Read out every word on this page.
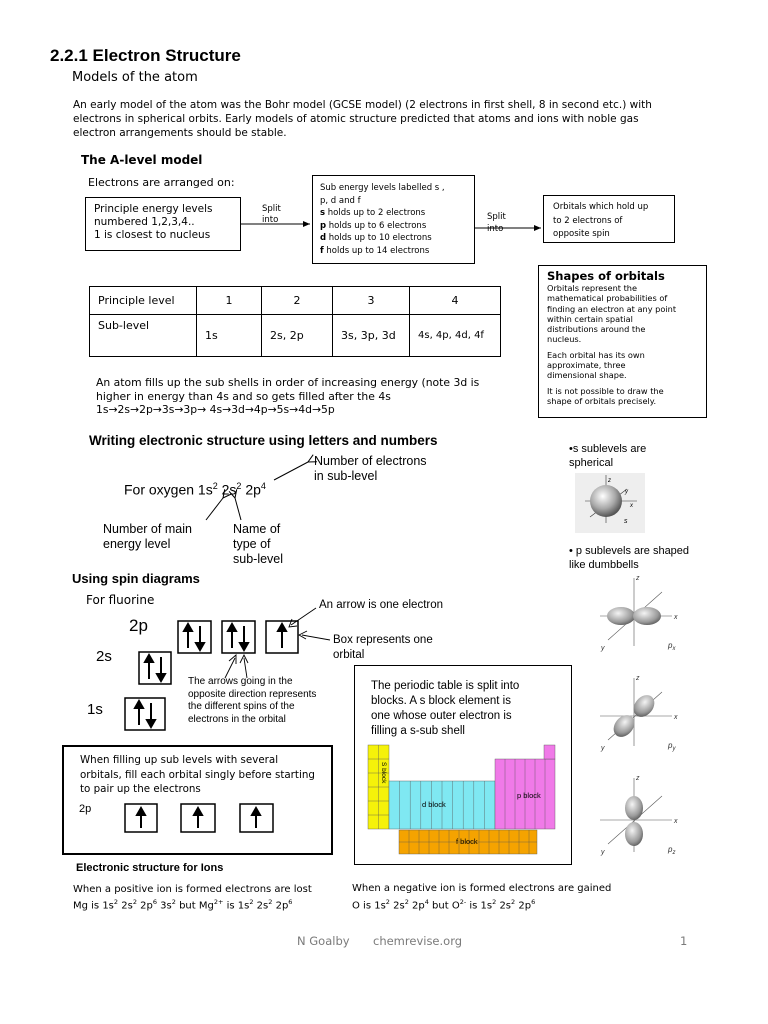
2.2.1 Electron Structure
Models of the atom
An early model of the atom was the Bohr model (GCSE model) (2 electrons in first shell, 8 in second etc.) with
electrons in spherical orbits. Early models of atomic structure predicted that atoms and ions with noble gas
electron arrangements should be stable.
The A-level model
Electrons are arranged on:
Principle energy levels
numbered 1,2,3,4..
1 is closest to nucleus
Split
into
Sub energy levels labelled s ,
p, d and f
s holds up to 2 electrons
p holds up to 6 electrons
d holds up to 10 electrons
f holds up to 14 electrons
Split
into
Orbitals which hold up
to 2 electrons of
opposite spin
Principle level	1	2	3	4
Sub-level	1s	2s, 2p	3s, 3p, 3d	4s, 4p, 4d, 4f
Shapes of orbitals
Orbitals represent the
mathematical probabilities of
finding an electron at any point
within certain spatial
distributions around the
nucleus.
Each orbital has its own
approximate, three
dimensional shape.
It is not possible to draw the
shape of orbitals precisely.
An atom fills up the sub shells in order of increasing energy (note 3d is
higher in energy than 4s and so gets filled after the 4s
1s→2s→2p→3s→3p→ 4s→3d→4p→5s→4d→5p
Writing electronic structure using letters and numbers
Number of electrons
in sub-level
For oxygen $1s^2$ $2s^2$ $2p^4$
Number of main
energy level
Name of
type of
sub-level
•s sublevels are
spherical
z
y
x
s
• p sublevels are shaped
like dumbbells
z
x
y	$p_x$
z
x
y	$p_y$
z
x
y	$p_z$
Using spin diagrams
For fluorine
2p
2s
1s
An arrow is one electron
Box represents one
orbital
The arrows going in the
opposite direction represents
the different spins of the
electrons in the orbital
The periodic table is split into
blocks. A s block element is
one whose outer electron is
filling a s-sub shell
S block
d block
p block
f block
When filling up sub levels with several
orbitals, fill each orbital singly before starting
to pair up the electrons
2p
Electronic structure for Ions
When a positive ion is formed electrons are lost
Mg is $1s^2$ $2s^2$ $2p^6$ $3s^2$ but $Mg^{2+}$ is $1s^2$ $2s^2$ $2p^6$
When a negative ion is formed electrons are gained
O is $1s^2$ $2s^2$ $2p^4$ but $O^{2-}$ is $1s^2$ $2s^2$ $2p^6$
N Goalby chemrevise.org	1
